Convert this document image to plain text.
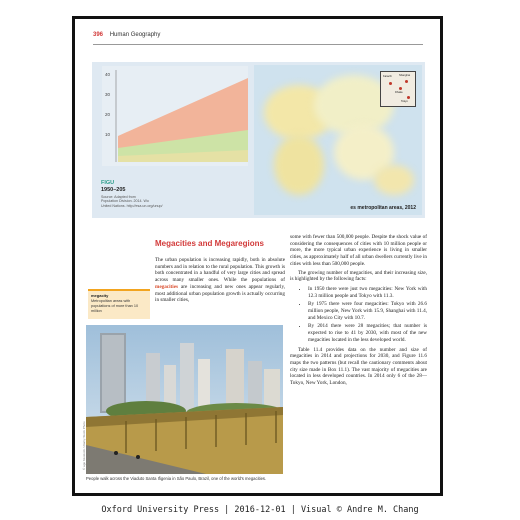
396 Human Geography
40
30
20
10
FIGU
1950–205
Source: Adapted from
Population Division. 2014. Wo
United Nations. http://esa.un.org/unup/
Karachi
Dhaka
Shanghai
Tokyo
es metropolitan areas, 2012
Megacities and Megaregions

The urban population is increasing rapidly, both in absolute numbers and in relation to the rural population. This growth is both concentrated in a handful of very large cities and spread across many smaller ones. While the populations of megacities are increasing and new ones appear regularly, most additional urban population growth is actually occurring in smaller cities,

megacity
Metropolitan areas with populations of more than 10 million

some with fewer than 500,000 people. Despite the shock value of considering the consequences of cities with 10 million people or more, the more typical urban experience is living in smaller cities, as approximately half of all urban dwellers currently live in cities with less than 500,000 people.

The growing number of megacities, and their increasing size, is highlighted by the following facts:

• In 1950 there were just two megacities: New York with 12.3 million people and Tokyo with 11.3.
• By 1975 there were four megacities: Tokyo with 26.6 million people, New York with 15.9, Shanghai with 11.4, and Mexico City with 10.7.
• By 2014 there were 28 megacities; that number is expected to rise to 41 by 2030, with most of the new megacities located in the less developed world.

Table 11.4 provides data on the number and size of megacities in 2014 and projections for 2030, and Figure 11.6 maps the two patterns (but recall the cautionary comments about city size made in Box 11.1). The vast majority of megacities are located in less developed countries. In 2014 only 6 of the 28—Tokyo, New York, London,

© age fotostock / Alamy Stock Photo
People walk across the Viaduto Santa Ifigenia in São Paulo, Brazil, one of the world's megacities.
Oxford University Press | 2016-12-01 | Visual © Andre M. Chang
